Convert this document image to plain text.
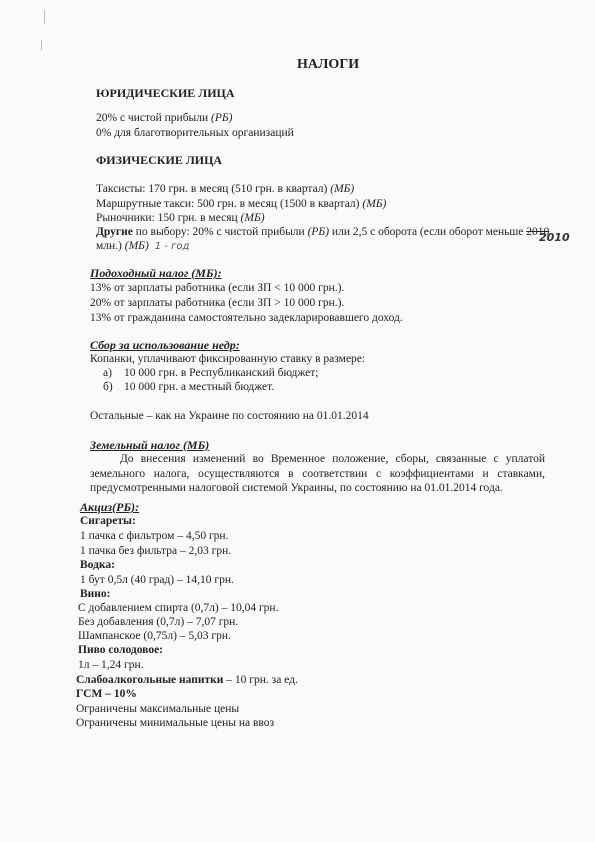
НАЛОГИ
ЮРИДИЧЕСКИЕ ЛИЦА
20% с чистой прибыли (РБ)
0% для благотворительных организаций
ФИЗИЧЕСКИЕ ЛИЦА
Таксисты: 170 грн. в месяц (510 грн. в квартал) (МБ)
Маршрутные такси: 500 грн. в месяц (1500 в квартал) (МБ)
Рыночники: 150 грн. в месяц (МБ)
Другие по выбору: 20% с чистой прибыли (РБ) или 2,5 с оборота (если оборот меньше 2010
2010
млн.) (МБ) 1 - год
Подоходный налог (МБ):
13% от зарплаты работника (если ЗП < 10 000 грн.).
20% от зарплаты работника (если ЗП > 10 000 грн.).
13% от гражданина самостоятельно задекларировавшего доход.
Сбор за использование недр:
Копанки, уплачивают фиксированную ставку в размере:
а) 10 000 грн. в Республиканский бюджет;
б) 10 000 грн. а местный бюджет.
Остальные – как на Украине по состоянию на 01.01.2014
Земельный налог (МБ)
До внесения изменений во Временное положение, сборы, связанные с уплатой земельного налога, осуществляются в соответствии с коэффициентами и ставками, предусмотренными налоговой системой Украины, по состоянию на 01.01.2014 года.
Акциз(РБ):
Сигареты:
1 пачка с фильтром – 4,50 грн.
1 пачка без фильтра – 2,03 грн.
Водка:
1 бут 0,5л (40 град) – 14,10 грн.
Вино:
С добавлением спирта (0,7л) – 10,04 грн.
Без добавления (0,7л) – 7,07 грн.
Шампанское (0,75л) – 5,03 грн.
Пиво солодовое:
1л – 1,24 грн.
Слабоалкогольные напитки – 10 грн. за ед.
ГСМ – 10%
Ограничены максимальные цены
Ограничены минимальные цены на ввоз
